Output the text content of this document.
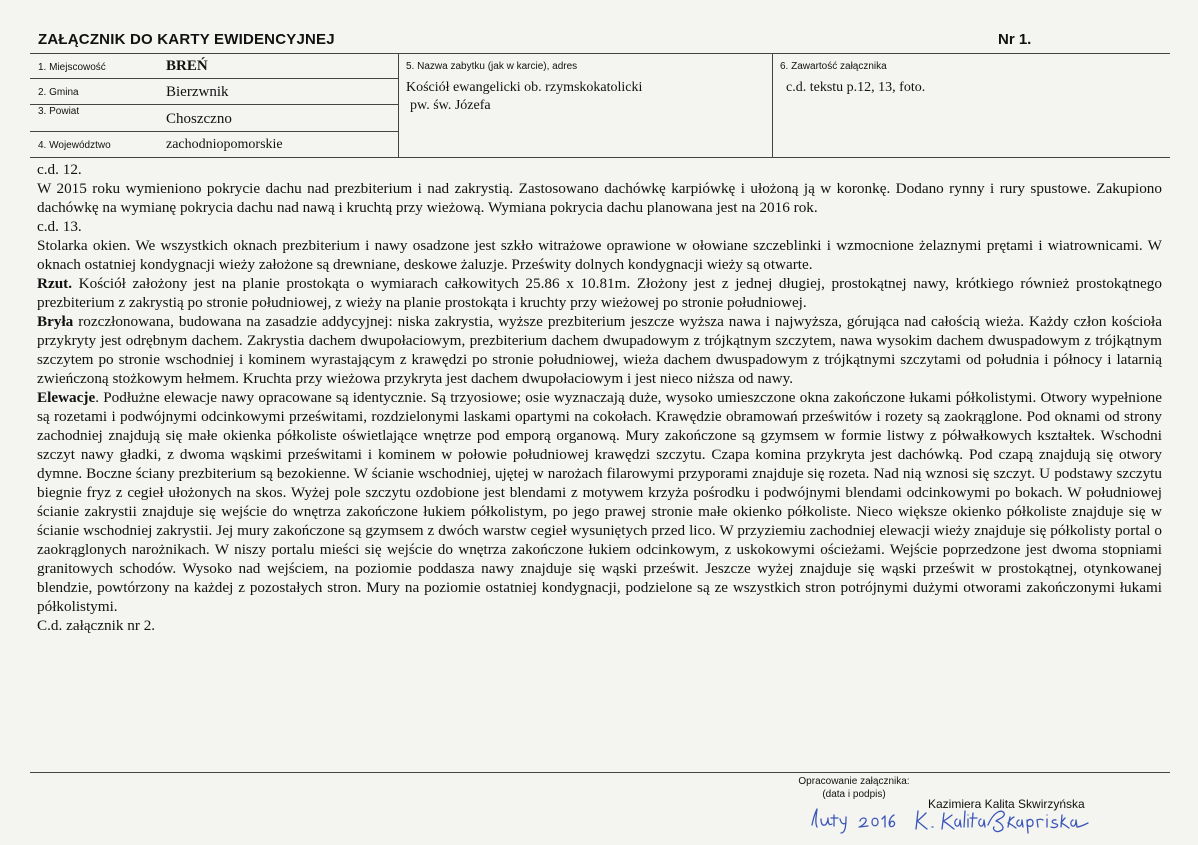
ZAŁĄCZNIK DO KARTY EWIDENCYJNEJ	Nr 1.
1. Miejscowość	BREŃ
2. Gmina	Bierzwnik
3. Powiat	Choszczno
4. Województwo	zachodniopomorskie
5. Nazwa zabytku (jak w karcie), adres
Kościół ewangelicki ob. rzymskokatolicki
pw. św. Józefa
6. Zawartość załącznika
c.d. tekstu p.12, 13, foto.

c.d. 12.

W 2015 roku wymieniono pokrycie dachu nad prezbiterium i nad zakrystią. Zastosowano dachówkę karpiówkę i ułożoną ją w koronkę. Dodano rynny i rury spustowe. Zakupiono dachówkę na wymianę pokrycia dachu nad nawą i kruchtą przy wieżową. Wymiana pokrycia dachu planowana jest na 2016 rok.

c.d. 13.

Stolarka okien. We wszystkich oknach prezbiterium i nawy osadzone jest szkło witrażowe oprawione w ołowiane szczeblinki i wzmocnione żelaznymi prętami i wiatrownicami. W oknach ostatniej kondygnacji wieży założone są drewniane, deskowe żaluzje. Prześwity dolnych kondygnacji wieży są otwarte.

Rzut. Kościół założony jest na planie prostokąta o wymiarach całkowitych 25.86 x 10.81m. Złożony jest z jednej długiej, prostokątnej nawy, krótkiego również prostokątnego prezbiterium z zakrystią po stronie południowej, z wieży na planie prostokąta i kruchty przy wieżowej po stronie południowej.

Bryła rozczłonowana, budowana na zasadzie addycyjnej: niska zakrystia, wyższe prezbiterium jeszcze wyższa nawa i najwyższa, górująca nad całością wieża. Każdy człon kościoła przykryty jest odrębnym dachem. Zakrystia dachem dwupołaciowym, prezbiterium dachem dwupadowym z trójkątnym szczytem, nawa wysokim dachem dwuspadowym z trójkątnym szczytem po stronie wschodniej i kominem wyrastającym z krawędzi po stronie południowej, wieża dachem dwuspadowym z trójkątnymi szczytami od południa i północy i latarnią zwieńczoną stożkowym hełmem. Kruchta przy wieżowa przykryta jest dachem dwupołaciowym i jest nieco niższa od nawy.

Elewacje. Podłużne elewacje nawy opracowane są identycznie. Są trzyosiowe; osie wyznaczają duże, wysoko umieszczone okna zakończone łukami półkolistymi. Otwory wypełnione są rozetami i podwójnymi odcinkowymi prześwitami, rozdzielonymi laskami opartymi na cokołach. Krawędzie obramowań prześwitów i rozety są zaokrąglone. Pod oknami od strony zachodniej znajdują się małe okienka półkoliste oświetlające wnętrze pod emporą organową. Mury zakończone są gzymsem w formie listwy z półwałkowych kształtek. Wschodni szczyt nawy gładki, z dwoma wąskimi prześwitami i kominem w połowie południowej krawędzi szczytu. Czapa komina przykryta jest dachówką. Pod czapą znajdują się otwory dymne. Boczne ściany prezbiterium są bezokienne. W ścianie wschodniej, ujętej w narożach filarowymi przyporami znajduje się rozeta. Nad nią wznosi się szczyt. U podstawy szczytu biegnie fryz z cegieł ułożonych na skos. Wyżej pole szczytu ozdobione jest blendami z motywem krzyża pośrodku i podwójnymi blendami odcinkowymi po bokach. W południowej ścianie zakrystii znajduje się wejście do wnętrza zakończone łukiem półkolistym, po jego prawej stronie małe okienko półkoliste. Nieco większe okienko półkoliste znajduje się w ścianie wschodniej zakrystii. Jej mury zakończone są gzymsem z dwóch warstw cegieł wysuniętych przed lico. W przyziemiu zachodniej elewacji wieży znajduje się półkolisty portal o zaokrąglonych narożnikach. W niszy portalu mieści się wejście do wnętrza zakończone łukiem odcinkowym, z uskokowymi ościeżami. Wejście poprzedzone jest dwoma stopniami granitowych schodów. Wysoko nad wejściem, na poziomie poddasza nawy znajduje się wąski prześwit. Jeszcze wyżej znajduje się wąski prześwit w prostokątnej, otynkowanej blendzie, powtórzony na każdej z pozostałych stron. Mury na poziomie ostatniej kondygnacji, podzielone są ze wszystkich stron potrójnymi dużymi otworami zakończonymi łukami półkolistymi.

C.d. załącznik nr 2.

Opracowanie załącznika:
(data i podpis)
Kazimiera Kalita Skwirzyńska
